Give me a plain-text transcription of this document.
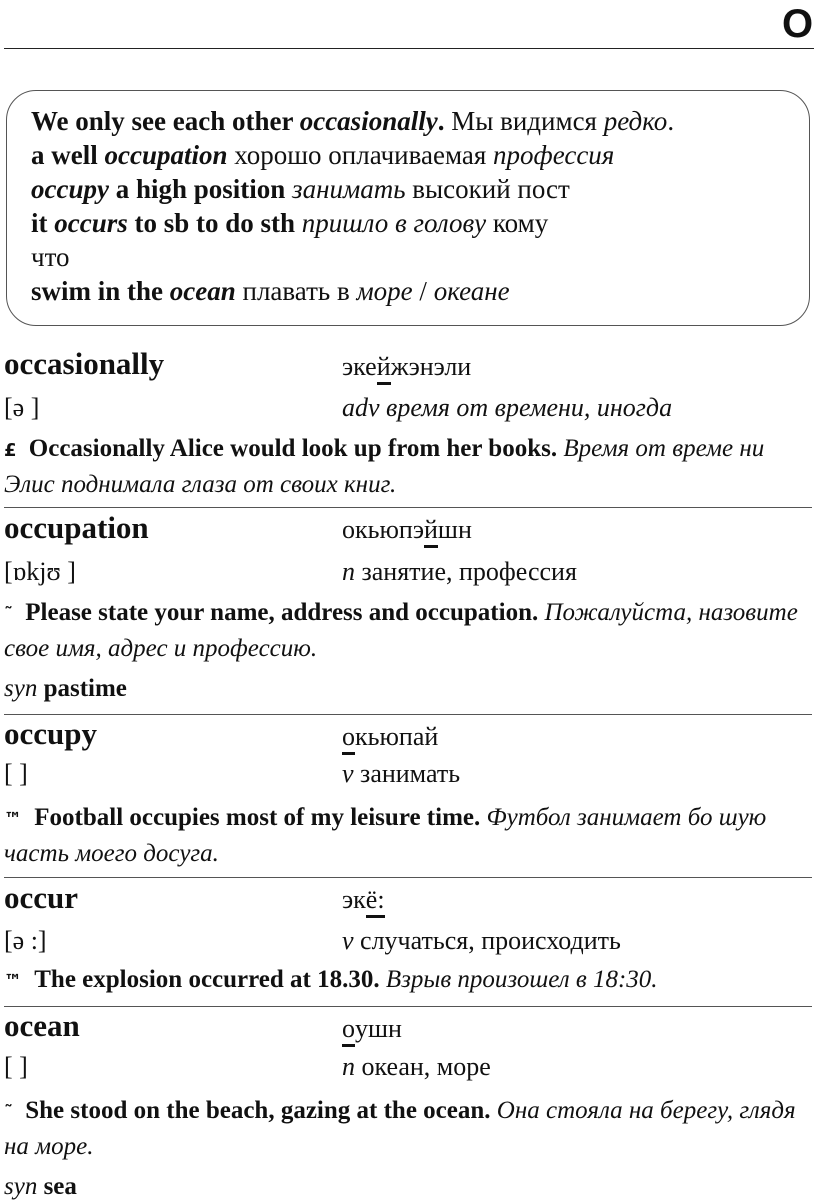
O
We only see each other occasionally. Мы видимся редко.
a well occupation хорошо оплачиваемая профессия
occupy a high position занимать высокий пост
it occurs to sb to do sth пришло в голову кому
что
swim in the ocean плавать в море / океане
occasionally	экейжэнэли
[ə ]	adv время от времени, иногда
£ Occasionally Alice would look up from her books. Время от време ни Элис поднимала глаза от своих книг.
occupation	окьюпэйшн
[ɒkjʊ ]	n занятие, профессия
˜ Please state your name, address and occupation. Пожалуйста, назовите свое имя, адрес и профессию.
syn pastime
occupy	окьюпай
[ ]	v занимать
™ Football occupies most of my leisure time. Футбол занимает бо шую часть моего досуга.
occur	экё:
[ə :]	v случаться, происходить
™ The explosion occurred at 18.30. Взрыв произошел в 18:30.
ocean	оушн
[ ]	n океан, море
˜ She stood on the beach, gazing at the ocean. Она стояла на берегу, глядя на море.
syn sea
